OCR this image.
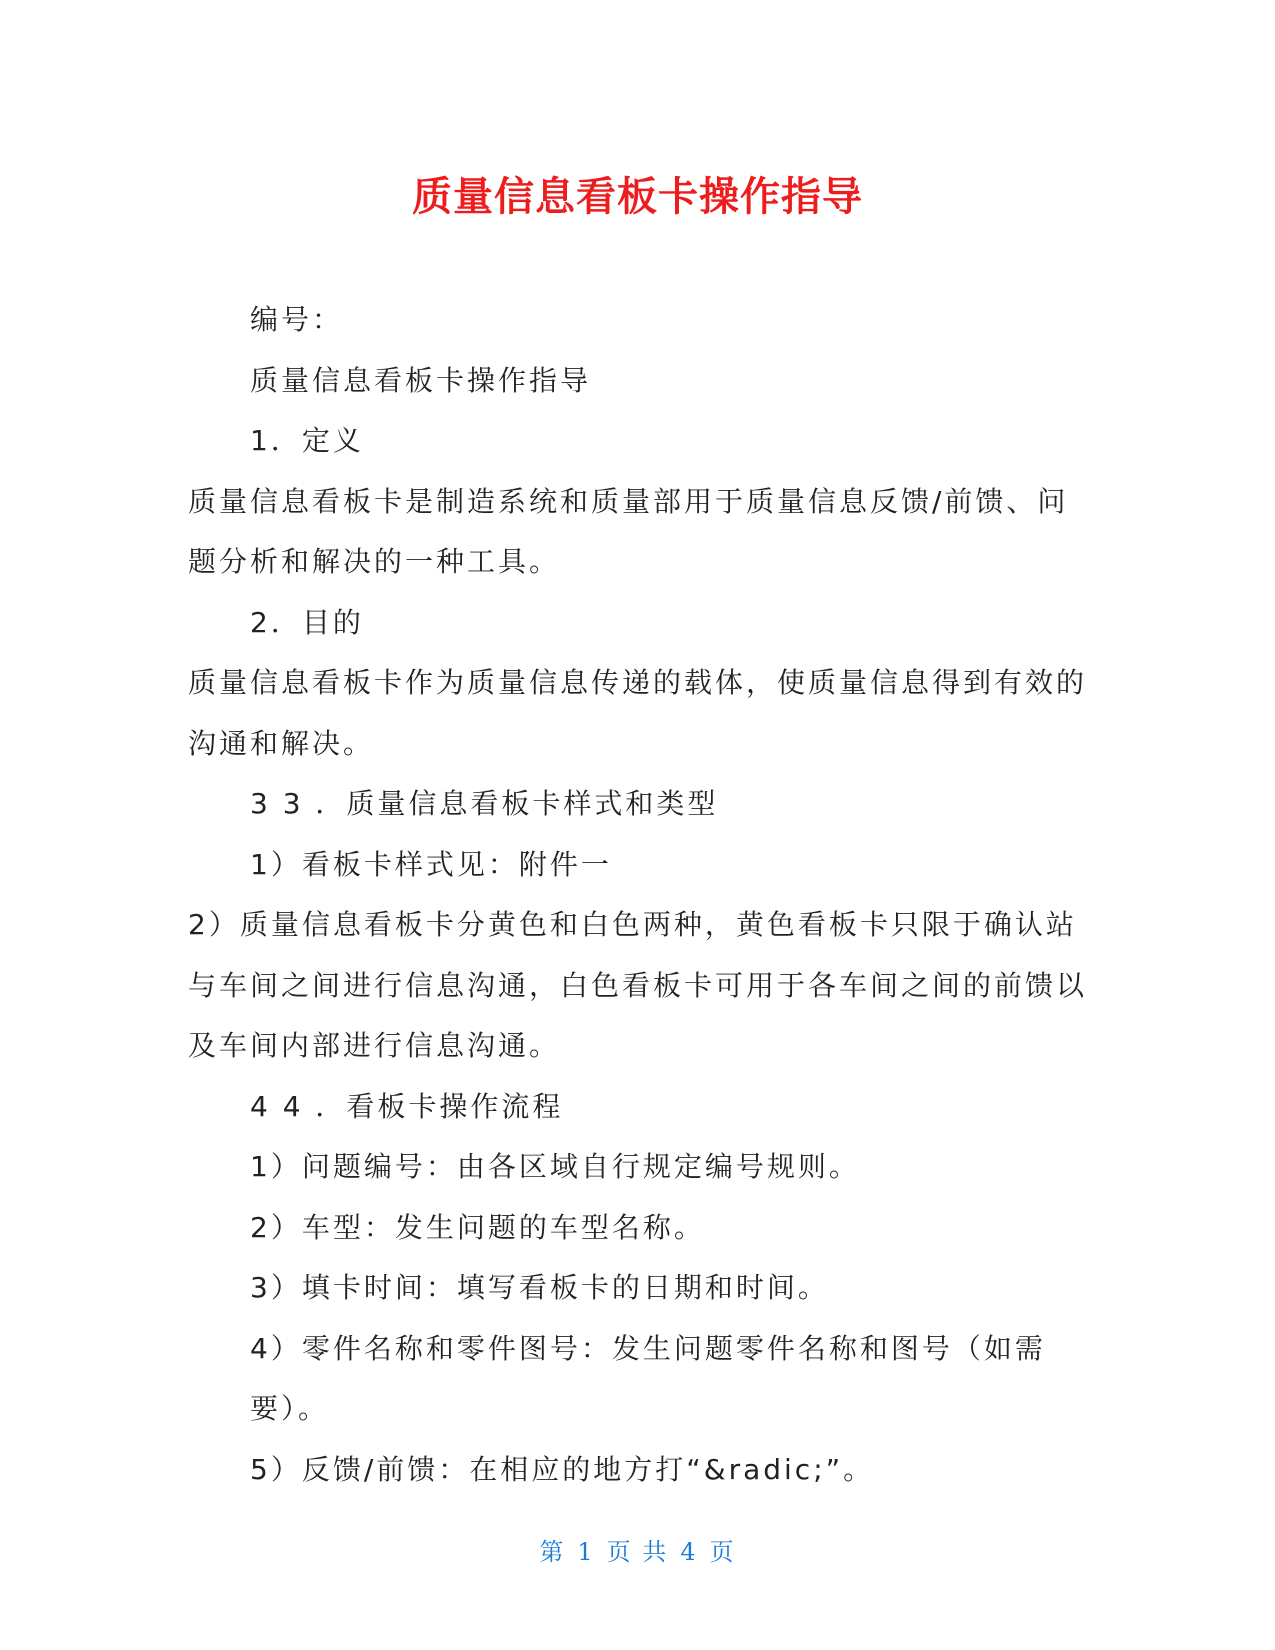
质量信息看板卡操作指导

编号：

质量信息看板卡操作指导

1．定义

质量信息看板卡是制造系统和质量部用于质量信息反馈/前馈、问题分析和解决的一种工具。

2．目的

质量信息看板卡作为质量信息传递的载体，使质量信息得到有效的沟通和解决。

3 3 ．质量信息看板卡样式和类型

1）看板卡样式见：附件一

2）质量信息看板卡分黄色和白色两种，黄色看板卡只限于确认站与车间之间进行信息沟通，白色看板卡可用于各车间之间的前馈以及车间内部进行信息沟通。

4 4 ．看板卡操作流程

1）问题编号：由各区域自行规定编号规则。

2）车型：发生问题的车型名称。

3）填卡时间：填写看板卡的日期和时间。

4）零件名称和零件图号：发生问题零件名称和图号（如需要）。

5）反馈/前馈：在相应的地方打“&radic;”。

第 1 页 共 4 页
